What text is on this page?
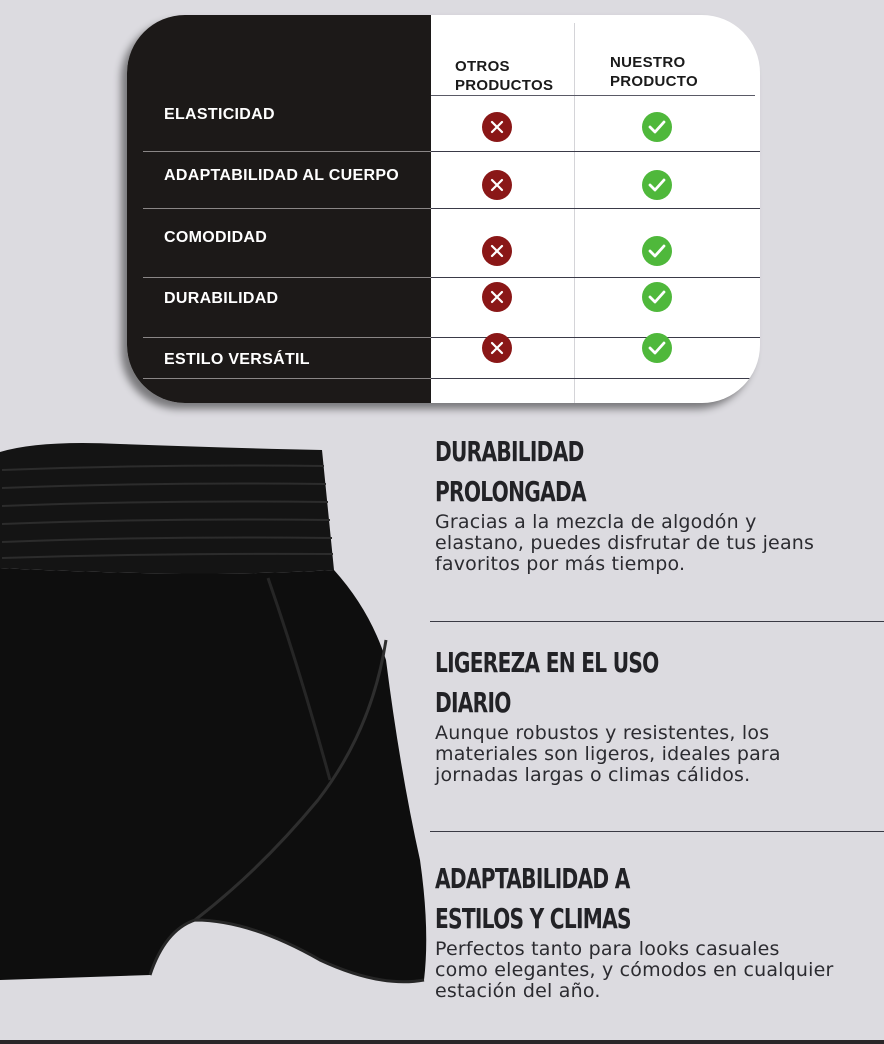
OTROS PRODUCTOS
NUESTRO PRODUCTO
ELASTICIDAD
ADAPTABILIDAD AL CUERPO
COMODIDAD
DURABILIDAD
ESTILO VERSÁTIL
DURABILIDAD
PROLONGADA
Gracias a la mezcla de algodón y elastano, puedes disfrutar de tus jeans favoritos por más tiempo.
LIGEREZA EN EL USO
DIARIO
Aunque robustos y resistentes, los materiales son ligeros, ideales para jornadas largas o climas cálidos.
ADAPTABILIDAD A
ESTILOS Y CLIMAS
Perfectos tanto para looks casuales como elegantes, y cómodos en cualquier estación del año.
